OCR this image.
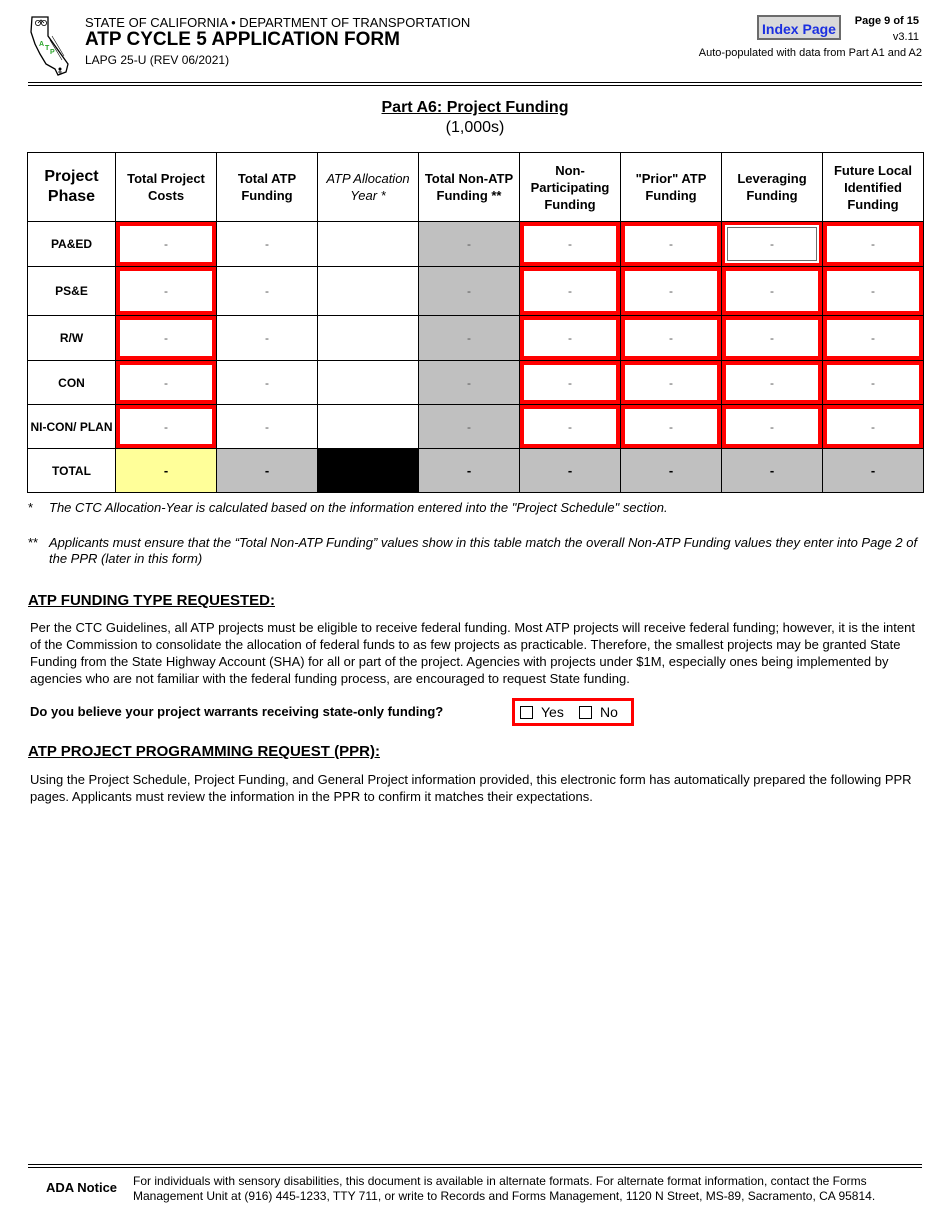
A
T
P
STATE OF CALIFORNIA • DEPARTMENT OF TRANSPORTATION
ATP CYCLE 5 APPLICATION FORM
LAPG 25-U (REV 06/2021)
Index Page	Page 9 of 15
v3.11
Auto-populated with data from Part A1 and A2
Part A6: Project Funding
(1,000s)
Project Phase	Total Project Costs	Total ATP Funding	ATP Allocation Year *	Total Non-ATP Funding **	Non-Participating Funding	"Prior" ATP Funding	Leveraging Funding	Future Local Identified Funding
PA&ED	-	-		-	-	-	-	-
PS&E	-	-		-	-	-	-	-
R/W	-	-		-	-	-	-	-
CON	-	-		-	-	-	-	-
NI-CON/ PLAN	-	-		-	-	-	-	-
TOTAL	-	-		-	-	-	-	-
* The CTC Allocation-Year is calculated based on the information entered into the "Project Schedule" section.
** Applicants must ensure that the “Total Non-ATP Funding” values show in this table match the overall Non-ATP Funding values they enter into Page 2 of the PPR (later in this form)
ATP FUNDING TYPE REQUESTED:
Per the CTC Guidelines, all ATP projects must be eligible to receive federal funding. Most ATP projects will receive federal funding; however, it is the intent of the Commission to consolidate the allocation of federal funds to as few projects as practicable. Therefore, the smallest projects may be granted State Funding from the State Highway Account (SHA) for all or part of the project. Agencies with projects under $1M, especially ones being implemented by agencies who are not familiar with the federal funding process, are encouraged to request State funding.
Do you believe your project warrants receiving state-only funding?	Yes	No
ATP PROJECT PROGRAMMING REQUEST (PPR):
Using the Project Schedule, Project Funding, and General Project information provided, this electronic form has automatically prepared the following PPR pages. Applicants must review the information in the PPR to confirm it matches their expectations.
ADA Notice For individuals with sensory disabilities, this document is available in alternate formats. For alternate format information, contact the Forms Management Unit at (916) 445-1233, TTY 711, or write to Records and Forms Management, 1120 N Street, MS-89, Sacramento, CA 95814.
